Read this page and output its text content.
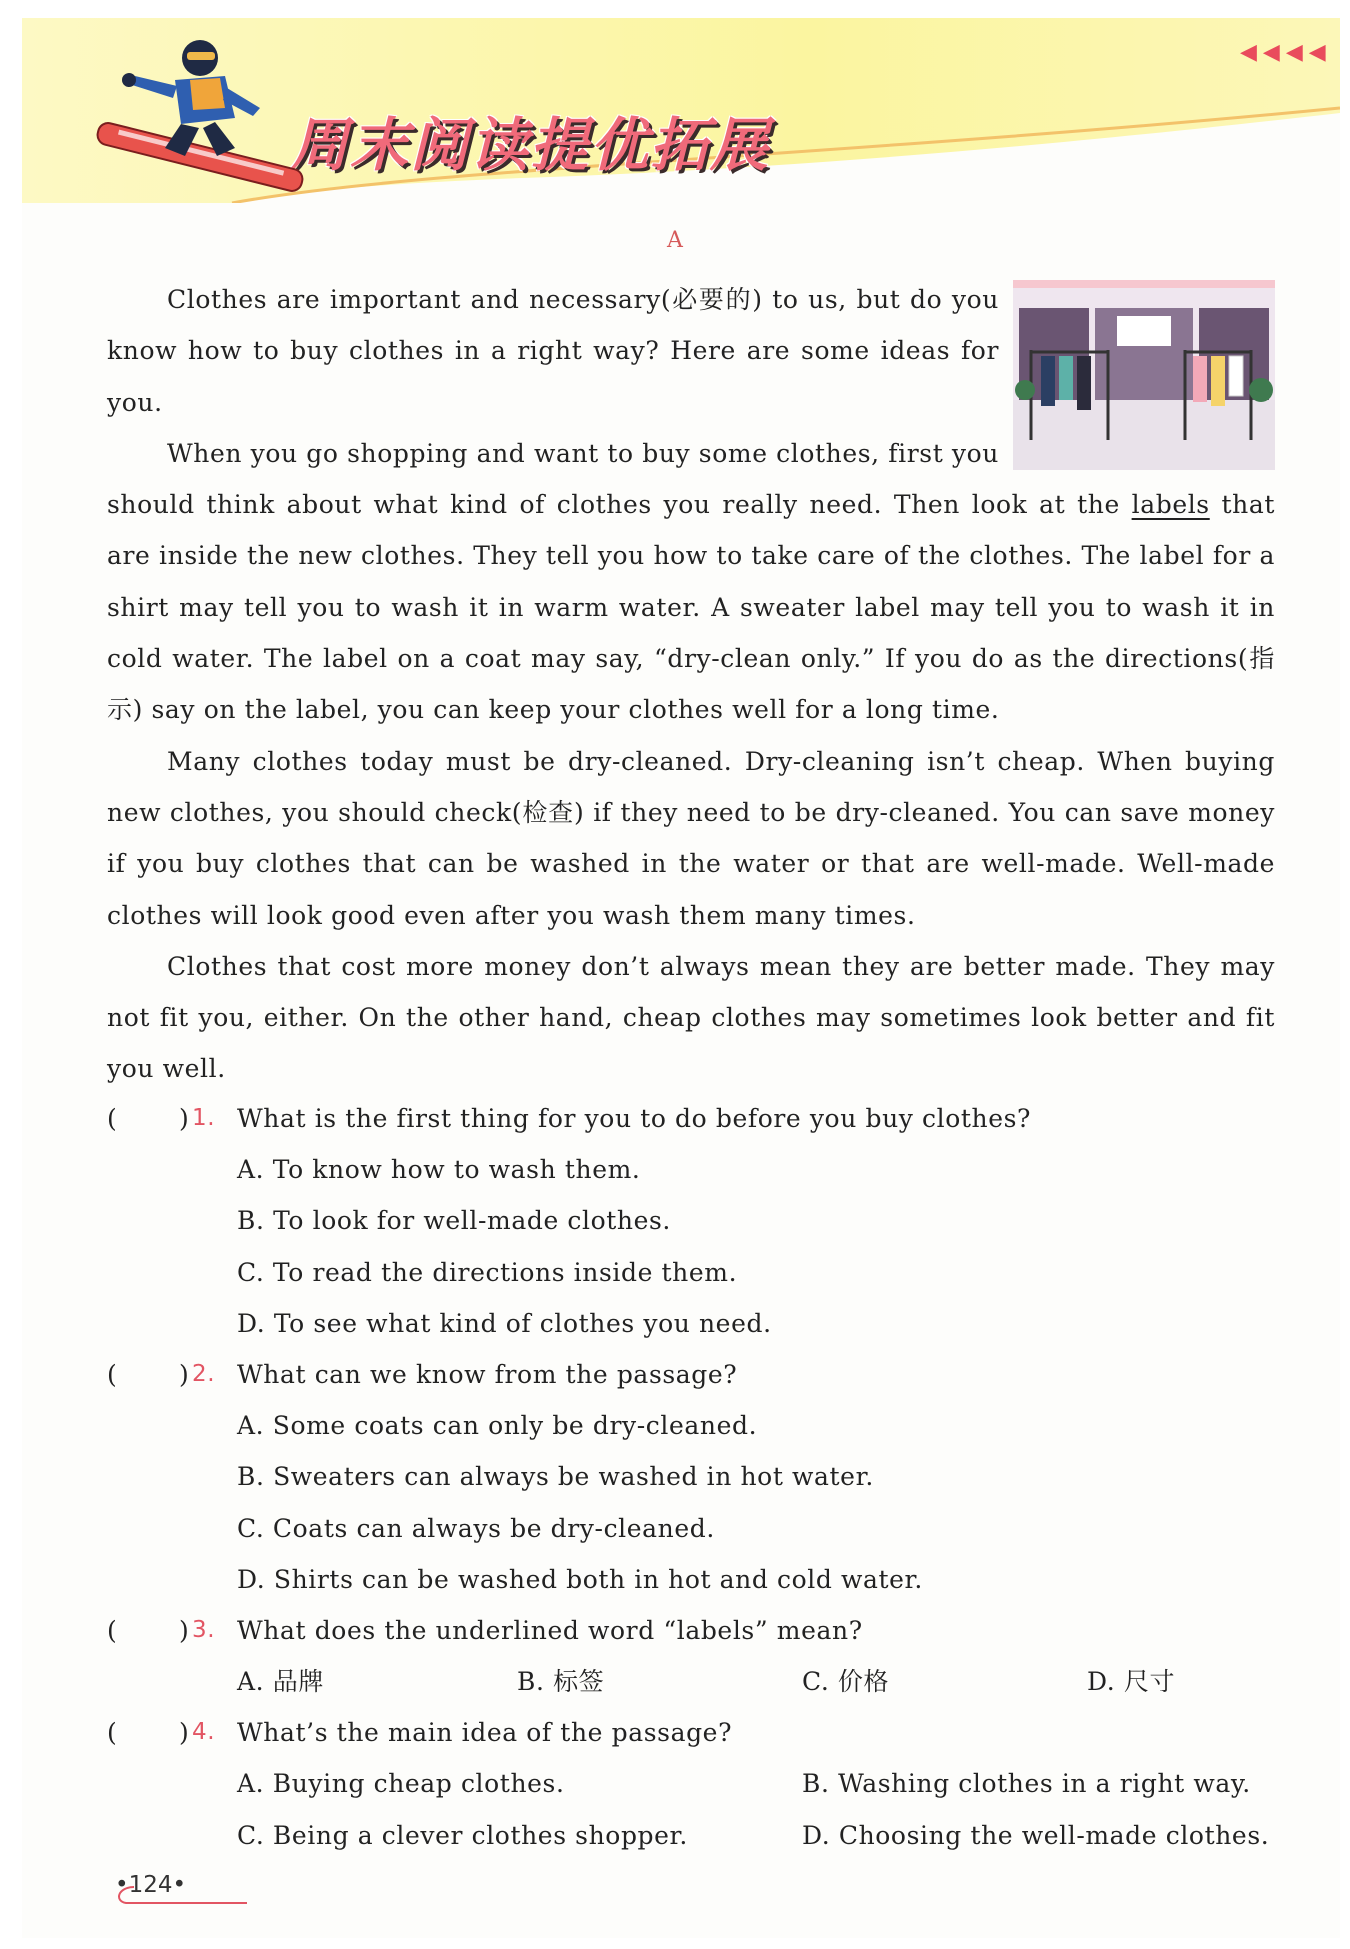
周末阅读提优拓展
◀◀◀◀
A

Clothes are important and necessary(必要的) to us, but do you know how to buy clothes in a right way? Here are some ideas for you.

When you go shopping and want to buy some clothes, first you should think about what kind of clothes you really need. Then look at the labels that are inside the new clothes. They tell you how to take care of the clothes. The label for a shirt may tell you to wash it in warm water. A sweater label may tell you to wash it in cold water. The label on a coat may say, “dry-clean only.” If you do as the directions(指示) say on the label, you can keep your clothes well for a long time.

Many clothes today must be dry-cleaned. Dry-cleaning isn’t cheap. When buying new clothes, you should check(检查) if they need to be dry-cleaned. You can save money if you buy clothes that can be washed in the water or that are well-made. Well-made clothes will look good even after you wash them many times.

Clothes that cost more money don’t always mean they are better made. They may not fit you, either. On the other hand, cheap clothes may sometimes look better and fit you well.

( ) 1. What is the first thing for you to do before you buy clothes?
A. To know how to wash them.
B. To look for well-made clothes.
C. To read the directions inside them.
D. To see what kind of clothes you need.
( ) 2. What can we know from the passage?
A. Some coats can only be dry-cleaned.
B. Sweaters can always be washed in hot water.
C. Coats can always be dry-cleaned.
D. Shirts can be washed both in hot and cold water.
( ) 3. What does the underlined word “labels” mean?
A. 品牌	B. 标签	C. 价格	D. 尺寸
( ) 4. What’s the main idea of the passage?
A. Buying cheap clothes.	B. Washing clothes in a right way.
C. Being a clever clothes shopper.	D. Choosing the well-made clothes.
•124•
